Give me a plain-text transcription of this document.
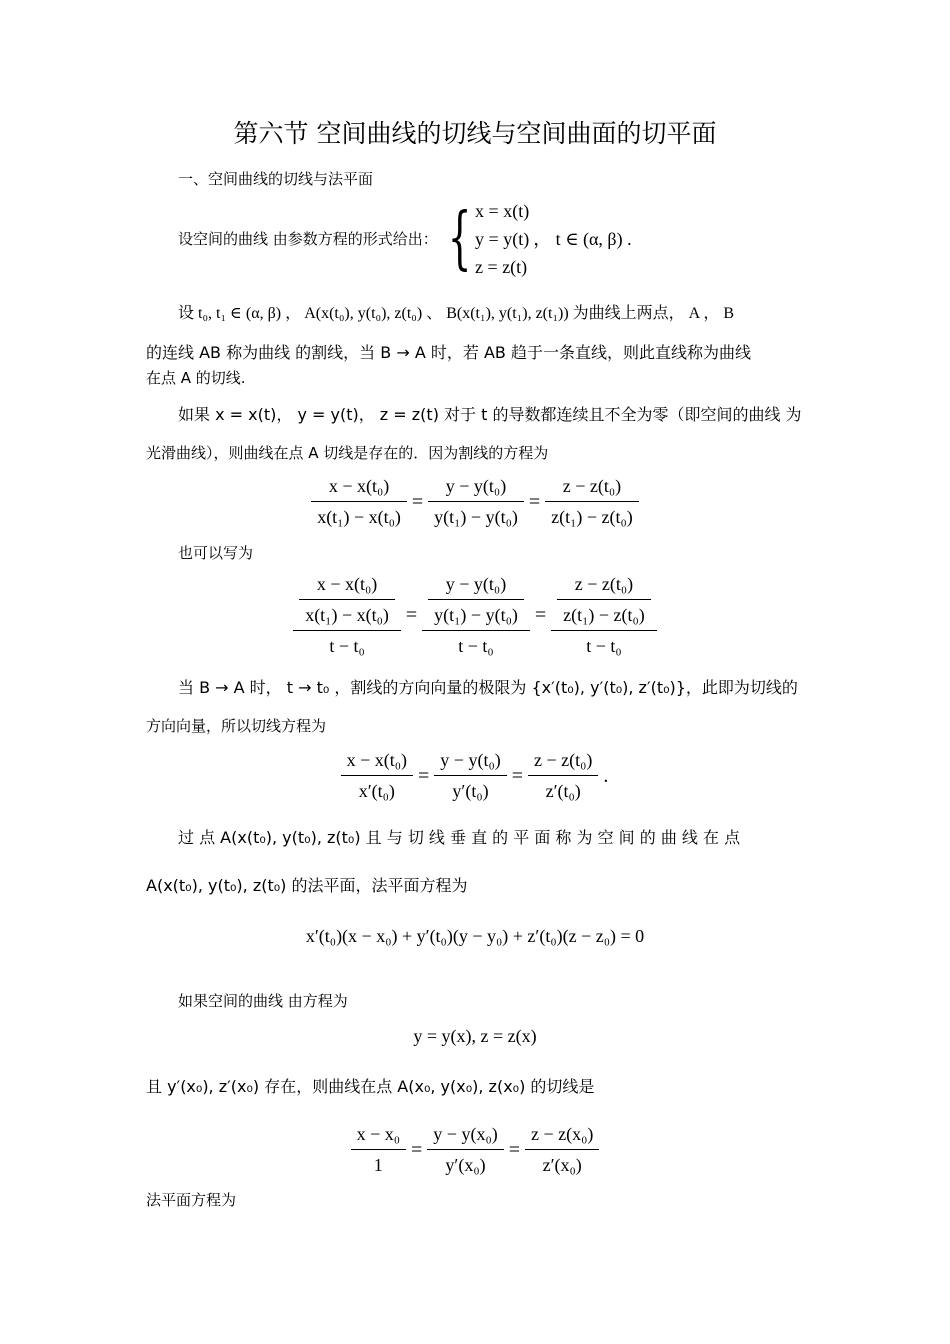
第六节 空间曲线的切线与空间曲面的切平面
一、空间曲线的切线与法平面
设空间的曲线 由参数方程的形式给出： { x = x(t)
y = y(t)
z = z(t)
， t ∈ (α, β) .
设 t₀, t₁ ∈ (α, β) ， A(x(t₀), y(t₀), z(t₀) 、 B(x(t₁), y(t₁), z(t₁)) 为曲线上两点， A ， B
的连线 AB 称为曲线 的割线，当 B → A 时，若 AB 趋于一条直线，则此直线称为曲线
在点 A 的切线.
如果 x = x(t)， y = y(t)， z = z(t) 对于 t 的导数都连续且不全为零（即空间的曲线 为
光滑曲线），则曲线在点 A 切线是存在的．因为割线的方程为
$\frac{\text{x − x(t₀)}}{\text{x(t₁) − x(t₀)}} = \frac{\text{y − y(t₀)}}{\text{y(t₁) − y(t₀)}} = \frac{\text{z − z(t₀)}}{\text{z(t₁) − z(t₀)}}$
也可以写为
$\frac{\frac{\text{x − x(t₀)}}{\text{x(t₁) − x(t₀)}}}{\text{t − t₀}} = \frac{\frac{\text{y − y(t₀)}}{\text{y(t₁) − y(t₀)}}}{\text{t − t₀}} = \frac{\frac{\text{z − z(t₀)}}{\text{z(t₁) − z(t₀)}}}{\text{t − t₀}}$
当 B → A 时， t → t₀ ，割线的方向向量的极限为 {x′(t₀), y′(t₀), z′(t₀)}，此即为切线的
方向向量，所以切线方程为
$\frac{\text{x − x(t₀)}}{\text{x′(t₀)}} = \frac{\text{y − y(t₀)}}{\text{y′(t₀)}} = \frac{\text{z − z(t₀)}}{\text{z′(t₀)}}$ .
过 点 A(x(t₀), y(t₀), z(t₀) 且 与 切 线 垂 直 的 平 面 称 为 空 间 的 曲 线 在 点
A(x(t₀), y(t₀), z(t₀) 的法平面，法平面方程为
x′(t₀)(x − x₀) + y′(t₀)(y − y₀) + z′(t₀)(z − z₀) = 0
如果空间的曲线 由方程为
y = y(x), z = z(x)
且 y′(x₀), z′(x₀) 存在，则曲线在点 A(x₀, y(x₀), z(x₀) 的切线是
$\frac{\text{x − x₀}}{1} = \frac{\text{y − y(x₀)}}{\text{y′(x₀)}} = \frac{\text{z − z(x₀)}}{\text{z′(x₀)}}$
法平面方程为
